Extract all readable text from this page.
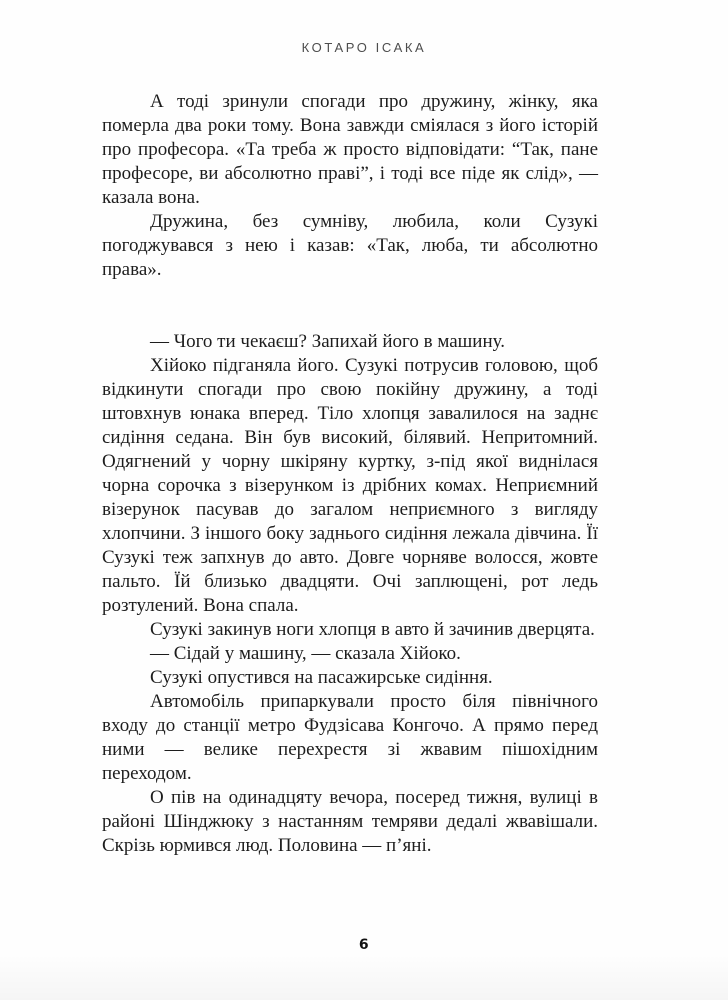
КОТАРО ІСАКА

А тоді зринули спогади про дружину, жінку, яка померла два роки тому. Вона завжди сміялася з його історій про професора. «Та треба ж просто відповідати: “Так, пане професоре, ви абсолютно праві”, і тоді все піде як слід», — казала вона.

Дружина, без сумніву, любила, коли Сузукі погоджувався з нею і казав: «Так, люба, ти абсолютно права».

— Чого ти чекаєш? Запихай його в машину.

Хійоко підганяла його. Сузукі потрусив головою, щоб відкинути спогади про свою покійну дружину, а тоді штовхнув юнака вперед. Тіло хлопця завалилося на заднє сидіння седана. Він був високий, білявий. Непритомний. Одягнений у чорну шкіряну куртку, з-під якої виднілася чорна сорочка з візерунком із дрібних комах. Неприємний візерунок пасував до загалом неприємного з вигляду хлопчини. З іншого боку заднього сидіння лежала дівчина. Її Сузукі теж запхнув до авто. Довге чорняве волосся, жовте пальто. Їй близько двадцяти. Очі заплющені, рот ледь розтулений. Вона спала.

Сузукі закинув ноги хлопця в авто й зачинив дверцята.

— Сідай у машину, — сказала Хійоко.

Сузукі опустився на пасажирське сидіння.

Автомобіль припаркували просто біля північного входу до станції метро Фудзісава Конгочо. А прямо перед ними — велике перехрестя зі жвавим пішохідним переходом.

О пів на одинадцяту вечора, посеред тижня, вулиці в районі Шінджюку з настанням темряви дедалі жвавішали. Скрізь юрмився люд. Половина — п’яні.

6
